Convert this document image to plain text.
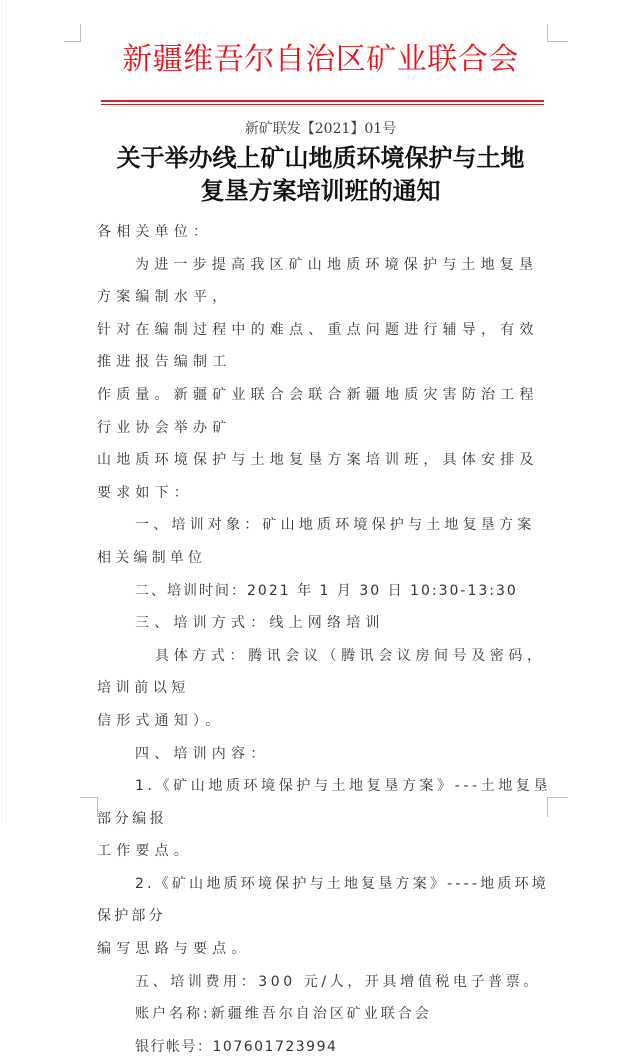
新疆维吾尔自治区矿业联合会
新矿联发【2021】01号
关于举办线上矿山地质环境保护与土地
复垦方案培训班的通知

各相关单位：

为进一步提高我区矿山地质环境保护与土地复垦方案编制水平，

针对在编制过程中的难点、重点问题进行辅导，有效推进报告编制工

作质量。新疆矿业联合会联合新疆地质灾害防治工程行业协会举办矿

山地质环境保护与土地复垦方案培训班，具体安排及要求如下：

一、培训对象：矿山地质环境保护与土地复垦方案相关编制单位

二、培训时间：2021 年 1 月 30 日 10:30-13:30

三、培训方式：线上网络培训

具体方式：腾讯会议（腾讯会议房间号及密码，培训前以短

信形式通知）。

四、培训内容：

1.《矿山地质环境保护与土地复垦方案》---土地复垦部分编报

工作要点。

2.《矿山地质环境保护与土地复垦方案》----地质环境保护部分

编写思路与要点。

五、培训费用：300 元/人，开具增值税电子普票。

账户名称:新疆维吾尔自治区矿业联合会

银行帐号：107601723994
